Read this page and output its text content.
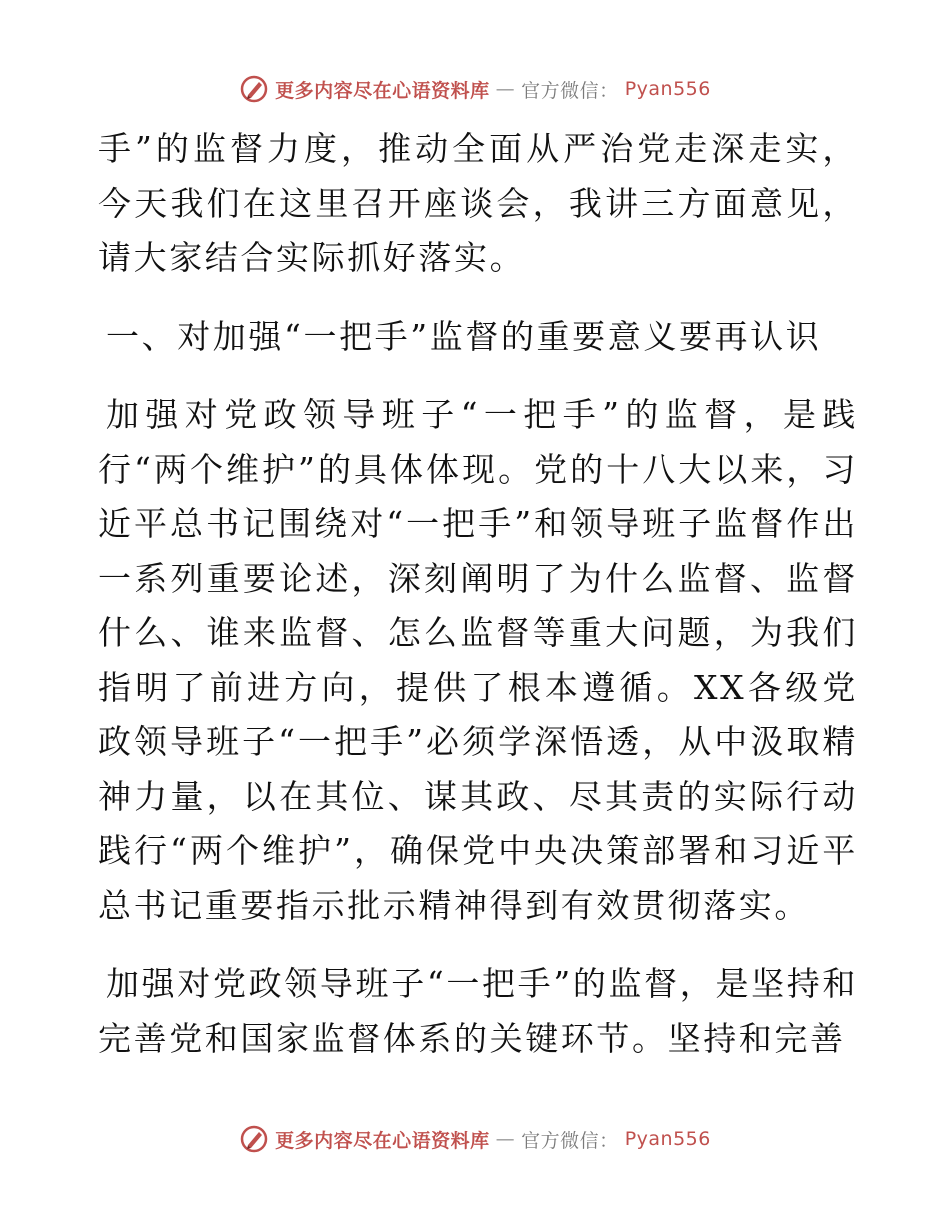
更多内容尽在心语资料库 — 官方微信： Pyan556

手”的监督力度，推动全面从严治党走深走实，今天我们在这里召开座谈会，我讲三方面意见，请大家结合实际抓好落实。

一、对加强“一把手”监督的重要意义要再认识

加强对党政领导班子“一把手”的监督，是践行“两个维护”的具体体现。党的十八大以来，习近平总书记围绕对“一把手”和领导班子监督作出一系列重要论述，深刻阐明了为什么监督、监督什么、谁来监督、怎么监督等重大问题，为我们指明了前进方向，提供了根本遵循。XX各级党政领导班子“一把手”必须学深悟透，从中汲取精神力量，以在其位、谋其政、尽其责的实际行动践行“两个维护”，确保党中央决策部署和习近平总书记重要指示批示精神得到有效贯彻落实。

加强对党政领导班子“一把手”的监督，是坚持和完善党和国家监督体系的关键环节。坚持和完善

更多内容尽在心语资料库 — 官方微信： Pyan556
